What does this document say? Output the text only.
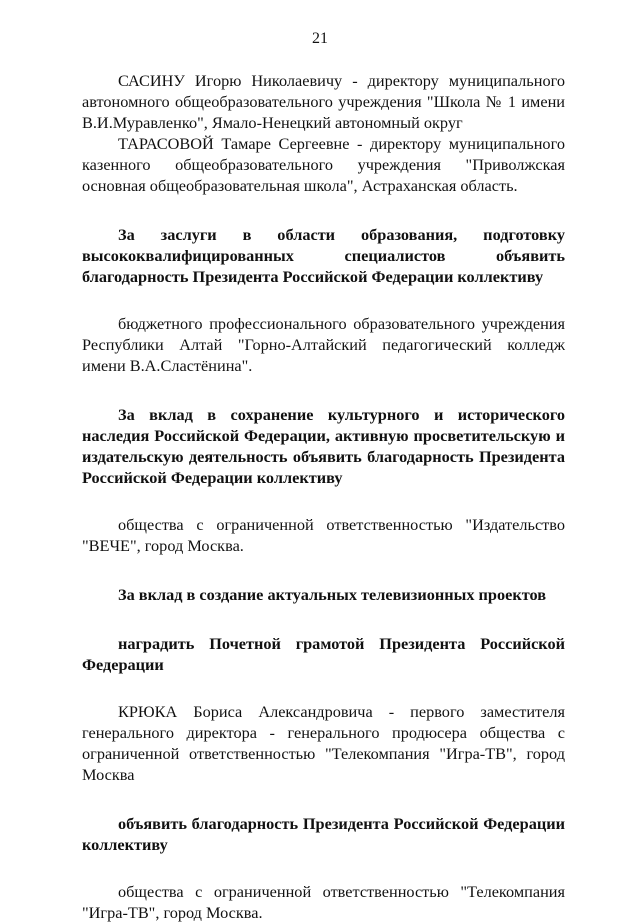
21

САСИНУ Игорю Николаевичу - директору муниципального автономного общеобразовательного учреждения "Школа № 1 имени В.И.Муравленко", Ямало-Ненецкий автономный округ

ТАРАСОВОЙ Тамаре Сергеевне - директору муниципального казенного общеобразовательного учреждения "Приволжская основная общеобразовательная школа", Астраханская область.

За заслуги в области образования, подготовку высококвалифицированных специалистов объявить благодарность Президента Российской Федерации коллективу

бюджетного профессионального образовательного учреждения Республики Алтай "Горно-Алтайский педагогический колледж имени В.А.Сластёнина".

За вклад в сохранение культурного и исторического наследия Российской Федерации, активную просветительскую и издательскую деятельность объявить благодарность Президента Российской Федерации коллективу

общества с ограниченной ответственностью "Издательство "ВЕЧЕ", город Москва.

За вклад в создание актуальных телевизионных проектов

наградить Почетной грамотой Президента Российской Федерации

КРЮКА Бориса Александровича - первого заместителя генерального директора - генерального продюсера общества с ограниченной ответственностью "Телекомпания "Игра-ТВ", город Москва

объявить благодарность Президента Российской Федерации коллективу

общества с ограниченной ответственностью "Телекомпания "Игра-ТВ", город Москва.
